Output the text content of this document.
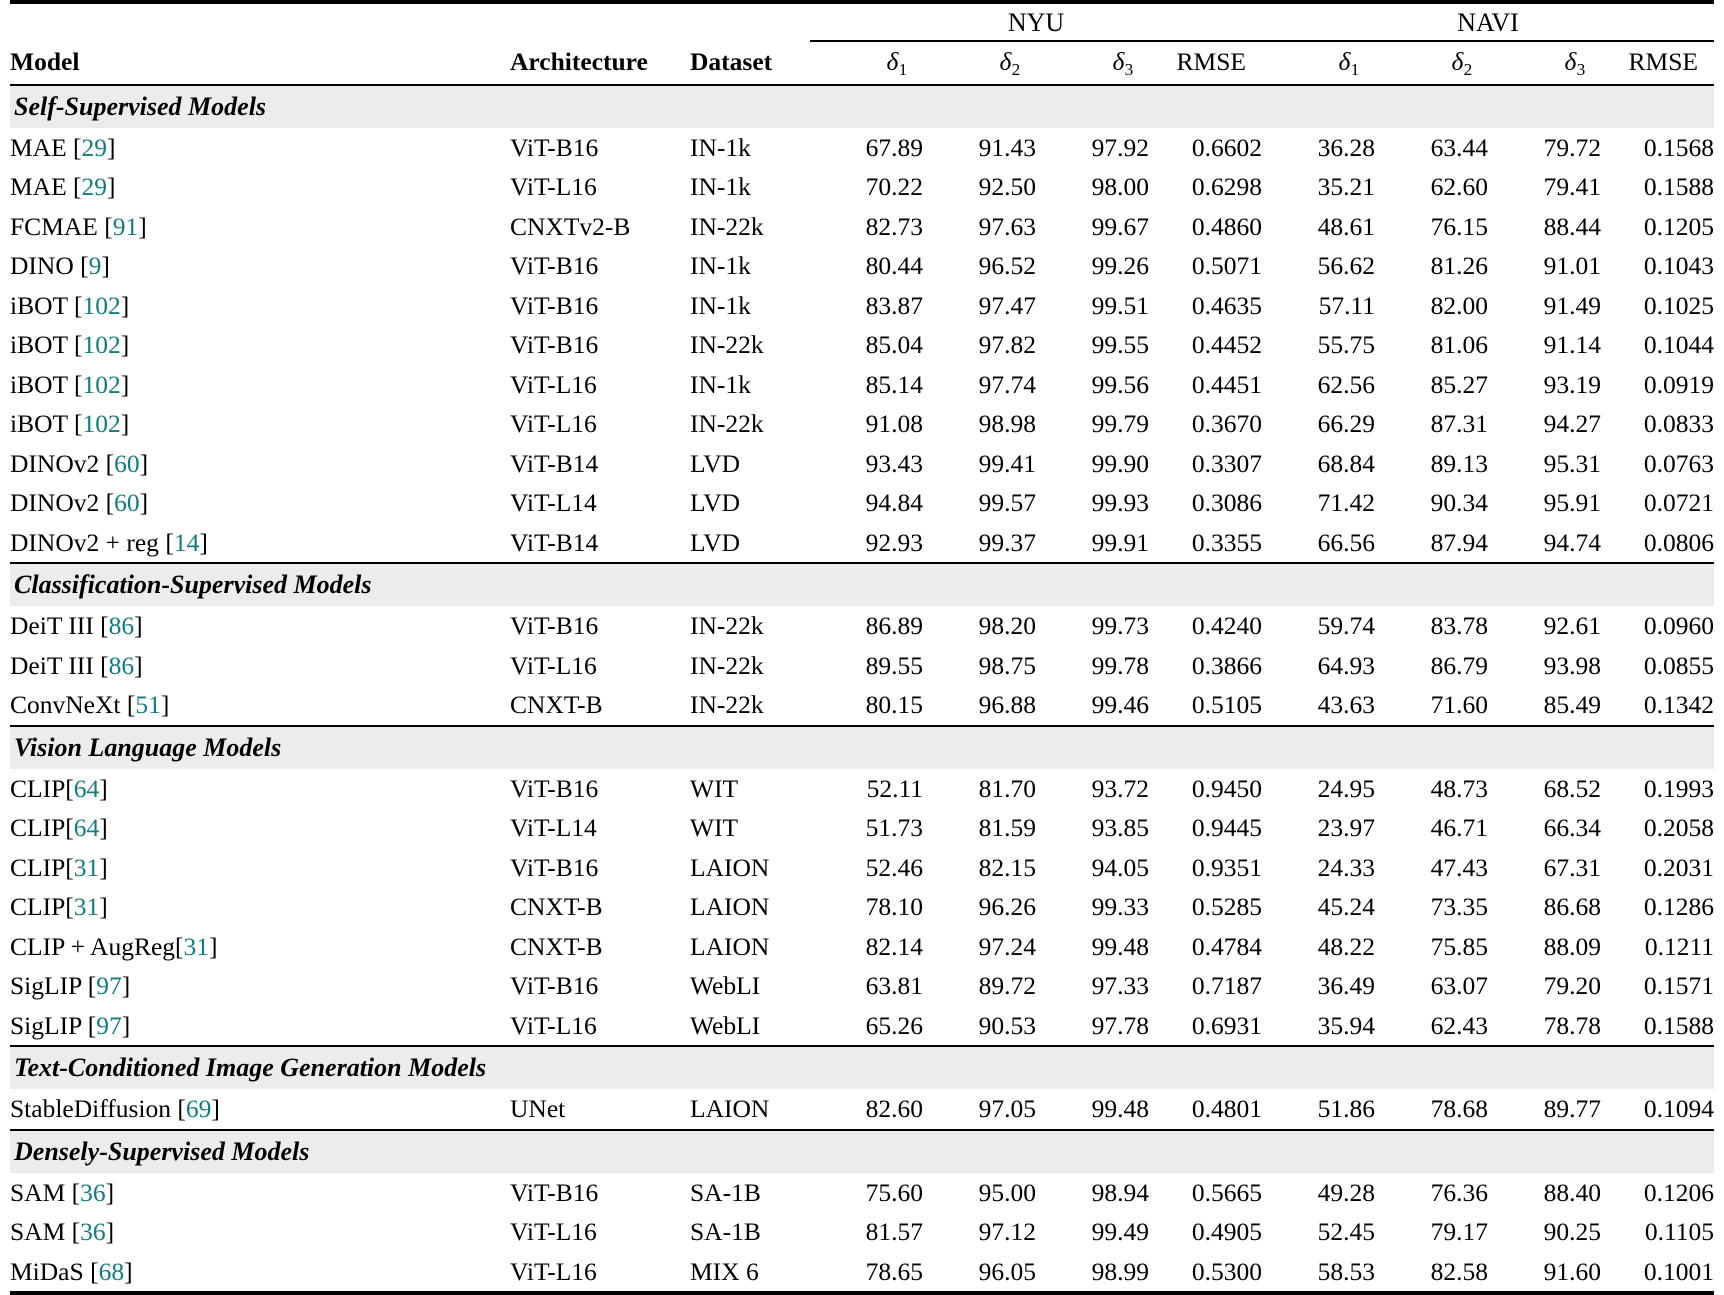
			NYU				NAVI			
Model	Architecture	Dataset	$\delta_1$	$\delta_2$	$\delta_3$	RMSE	$\delta_1$	$\delta_2$	$\delta_3$	RMSE

Self-Supervised Models										
MAE [29]	ViT-B16	IN-1k	67.89	91.43	97.92	0.6602	36.28	63.44	79.72	0.1568
MAE [29]	ViT-L16	IN-1k	70.22	92.50	98.00	0.6298	35.21	62.60	79.41	0.1588
FCMAE [91]	CNXTv2-B	IN-22k	82.73	97.63	99.67	0.4860	48.61	76.15	88.44	0.1205
DINO [9]	ViT-B16	IN-1k	80.44	96.52	99.26	0.5071	56.62	81.26	91.01	0.1043
iBOT [102]	ViT-B16	IN-1k	83.87	97.47	99.51	0.4635	57.11	82.00	91.49	0.1025
iBOT [102]	ViT-B16	IN-22k	85.04	97.82	99.55	0.4452	55.75	81.06	91.14	0.1044
iBOT [102]	ViT-L16	IN-1k	85.14	97.74	99.56	0.4451	62.56	85.27	93.19	0.0919
iBOT [102]	ViT-L16	IN-22k	91.08	98.98	99.79	0.3670	66.29	87.31	94.27	0.0833
DINOv2 [60]	ViT-B14	LVD	93.43	99.41	99.90	0.3307	68.84	89.13	95.31	0.0763
DINOv2 [60]	ViT-L14	LVD	94.84	99.57	99.93	0.3086	71.42	90.34	95.91	0.0721
DINOv2 + reg [14]	ViT-B14	LVD	92.93	99.37	99.91	0.3355	66.56	87.94	94.74	0.0806

Classification-Supervised Models										
DeiT III [86]	ViT-B16	IN-22k	86.89	98.20	99.73	0.4240	59.74	83.78	92.61	0.0960
DeiT III [86]	ViT-L16	IN-22k	89.55	98.75	99.78	0.3866	64.93	86.79	93.98	0.0855
ConvNeXt [51]	CNXT-B	IN-22k	80.15	96.88	99.46	0.5105	43.63	71.60	85.49	0.1342

Vision Language Models										
CLIP[64]	ViT-B16	WIT	52.11	81.70	93.72	0.9450	24.95	48.73	68.52	0.1993
CLIP[64]	ViT-L14	WIT	51.73	81.59	93.85	0.9445	23.97	46.71	66.34	0.2058
CLIP[31]	ViT-B16	LAION	52.46	82.15	94.05	0.9351	24.33	47.43	67.31	0.2031
CLIP[31]	CNXT-B	LAION	78.10	96.26	99.33	0.5285	45.24	73.35	86.68	0.1286
CLIP + AugReg[31]	CNXT-B	LAION	82.14	97.24	99.48	0.4784	48.22	75.85	88.09	0.1211
SigLIP [97]	ViT-B16	WebLI	63.81	89.72	97.33	0.7187	36.49	63.07	79.20	0.1571
SigLIP [97]	ViT-L16	WebLI	65.26	90.53	97.78	0.6931	35.94	62.43	78.78	0.1588

Text-Conditioned Image Generation Models										
StableDiffusion [69]	UNet	LAION	82.60	97.05	99.48	0.4801	51.86	78.68	89.77	0.1094

Densely-Supervised Models										
SAM [36]	ViT-B16	SA-1B	75.60	95.00	98.94	0.5665	49.28	76.36	88.40	0.1206
SAM [36]	ViT-L16	SA-1B	81.57	97.12	99.49	0.4905	52.45	79.17	90.25	0.1105
MiDaS [68]	ViT-L16	MIX 6	78.65	96.05	98.99	0.5300	58.53	82.58	91.60	0.1001
